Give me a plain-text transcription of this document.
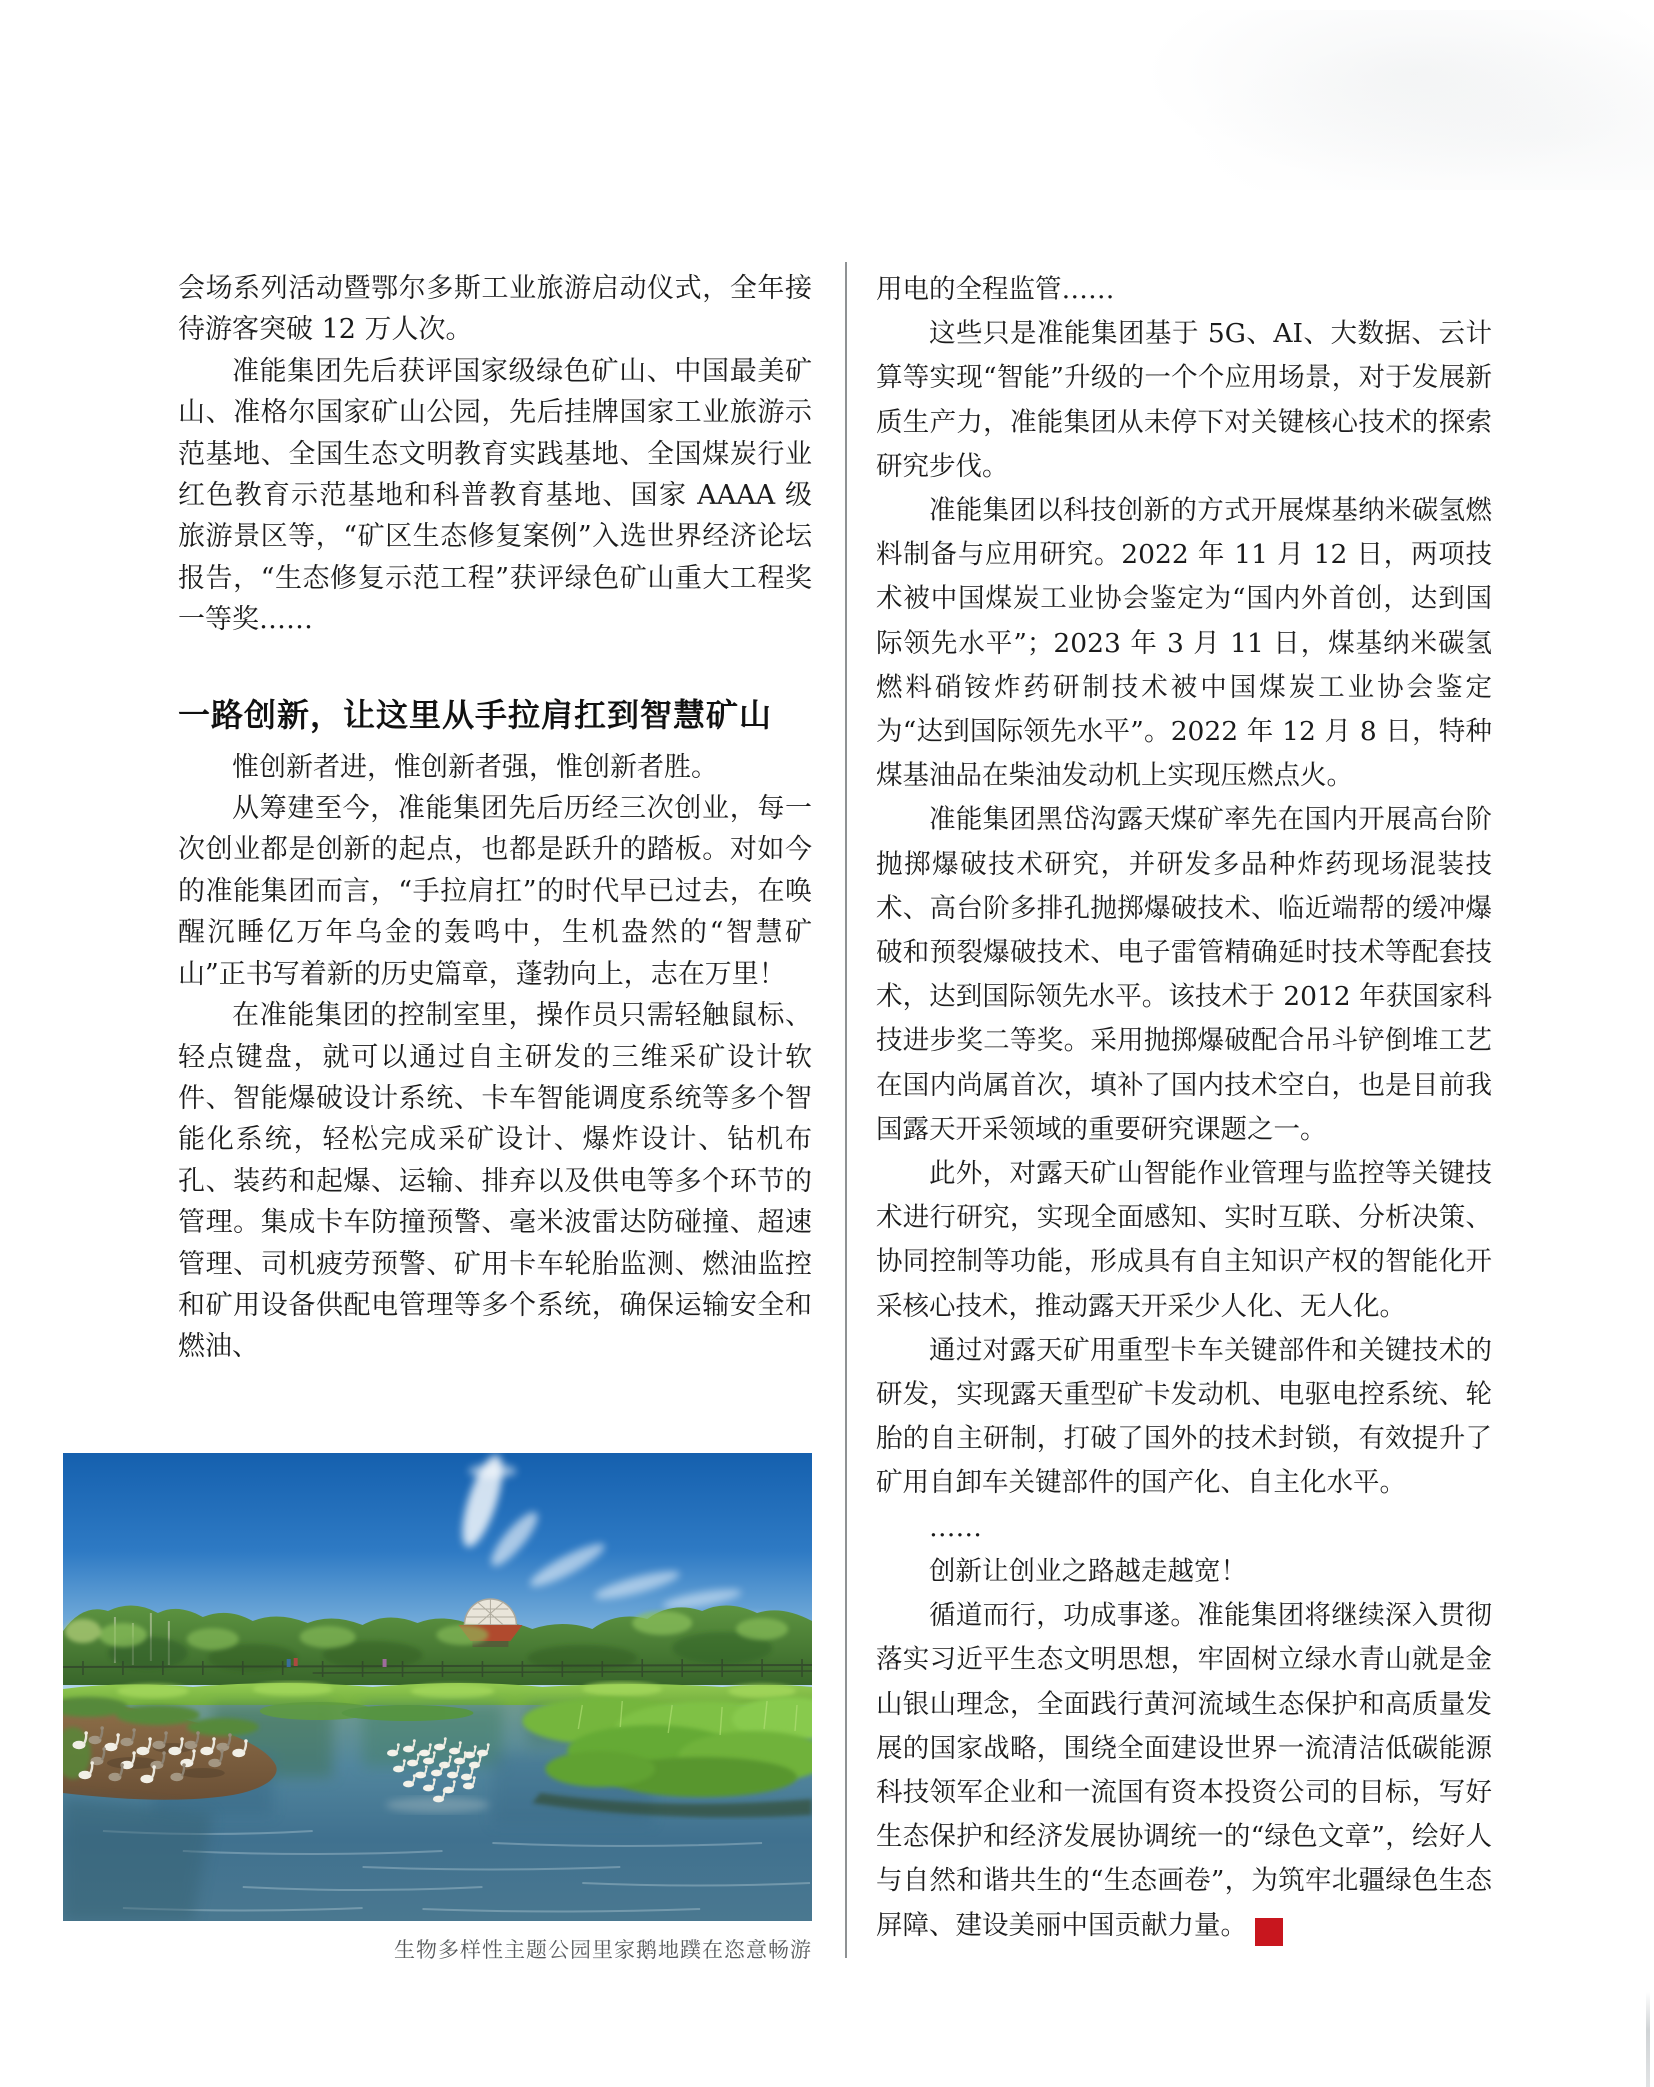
会场系列活动暨鄂尔多斯工业旅游启动仪式，全年接待游客突破 12 万人次。

准能集团先后获评国家级绿色矿山、中国最美矿山、准格尔国家矿山公园，先后挂牌国家工业旅游示范基地、全国生态文明教育实践基地、全国煤炭行业红色教育示范基地和科普教育基地、国家 AAAA 级旅游景区等，“矿区生态修复案例”入选世界经济论坛报告，“生态修复示范工程”获评绿色矿山重大工程奖一等奖……

一路创新，让这里从手拉肩扛到智慧矿山

惟创新者进，惟创新者强，惟创新者胜。

从筹建至今，准能集团先后历经三次创业，每一次创业都是创新的起点，也都是跃升的踏板。对如今的准能集团而言，“手拉肩扛”的时代早已过去，在唤醒沉睡亿万年乌金的轰鸣中，生机盎然的“智慧矿山”正书写着新的历史篇章，蓬勃向上，志在万里！

在准能集团的控制室里，操作员只需轻触鼠标、轻点键盘，就可以通过自主研发的三维采矿设计软件、智能爆破设计系统、卡车智能调度系统等多个智能化系统，轻松完成采矿设计、爆炸设计、钻机布孔、装药和起爆、运输、排弃以及供电等多个环节的管理。集成卡车防撞预警、毫米波雷达防碰撞、超速管理、司机疲劳预警、矿用卡车轮胎监测、燃油监控和矿用设备供配电管理等多个系统，确保运输安全和燃油、

用电的全程监管……

这些只是准能集团基于 5G、AI、大数据、云计算等实现“智能”升级的一个个应用场景，对于发展新质生产力，准能集团从未停下对关键核心技术的探索研究步伐。

准能集团以科技创新的方式开展煤基纳米碳氢燃料制备与应用研究。2022 年 11 月 12 日，两项技术被中国煤炭工业协会鉴定为“国内外首创，达到国际领先水平”；2023 年 3 月 11 日，煤基纳米碳氢燃料硝铵炸药研制技术被中国煤炭工业协会鉴定为“达到国际领先水平”。2022 年 12 月 8 日，特种煤基油品在柴油发动机上实现压燃点火。

准能集团黑岱沟露天煤矿率先在国内开展高台阶抛掷爆破技术研究，并研发多品种炸药现场混装技术、高台阶多排孔抛掷爆破技术、临近端帮的缓冲爆破和预裂爆破技术、电子雷管精确延时技术等配套技术，达到国际领先水平。该技术于 2012 年获国家科技进步奖二等奖。采用抛掷爆破配合吊斗铲倒堆工艺在国内尚属首次，填补了国内技术空白，也是目前我国露天开采领域的重要研究课题之一。

此外，对露天矿山智能作业管理与监控等关键技术进行研究，实现全面感知、实时互联、分析决策、协同控制等功能，形成具有自主知识产权的智能化开采核心技术，推动露天开采少人化、无人化。

通过对露天矿用重型卡车关键部件和关键技术的研发，实现露天重型矿卡发动机、电驱电控系统、轮胎的自主研制，打破了国外的技术封锁，有效提升了矿用自卸车关键部件的国产化、自主化水平。

……

创新让创业之路越走越宽！

循道而行，功成事遂。准能集团将继续深入贯彻落实习近平生态文明思想，牢固树立绿水青山就是金山银山理念，全面践行黄河流域生态保护和高质量发展的国家战略，围绕全面建设世界一流清洁低碳能源科技领军企业和一流国有资本投资公司的目标，写好生态保护和经济发展协调统一的“绿色文章”，绘好人与自然和谐共生的“生态画卷”，为筑牢北疆绿色生态屏障、建设美丽中国贡献力量。	HJ

生物多样性主题公园里家鹅地蹼在恣意畅游
